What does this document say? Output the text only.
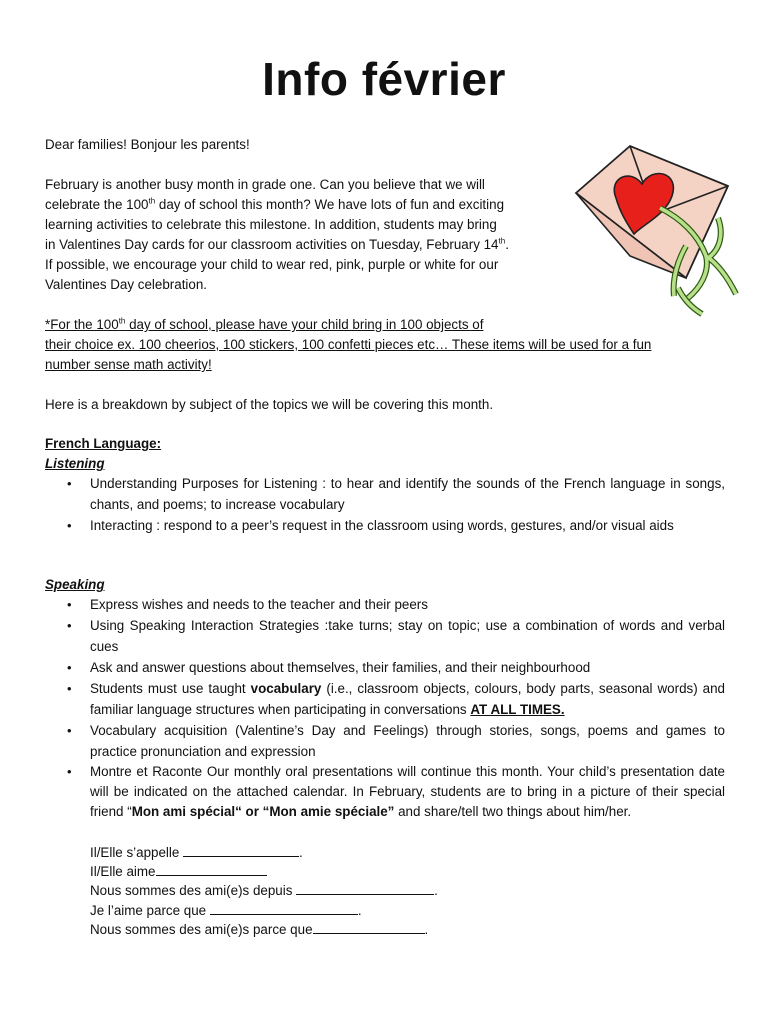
Info février

Dear families! Bonjour les parents!

February is another busy month in grade one. Can you believe that we will

celebrate the 100th day of school this month? We have lots of fun and exciting

learning activities to celebrate this milestone. In addition, students may bring

in Valentines Day cards for our classroom activities on Tuesday, February 14th.

If possible, we encourage your child to wear red, pink, purple or white for our

Valentines Day celebration.

*For the 100th day of school, please have your child bring in 100 objects of

their choice ex. 100 cheerios, 100 stickers, 100 confetti pieces etc… These items will be used for a fun

number sense math activity!

Here is a breakdown by subject of the topics we will be covering this month.

French Language:

Listening

• Understanding Purposes for Listening : to hear and identify the sounds of the French language in songs, chants, and poems; to increase vocabulary
• Interacting : respond to a peer’s request in the classroom using words, gestures, and/or visual aids

Speaking

• Express wishes and needs to the teacher and their peers
• Using Speaking Interaction Strategies :take turns; stay on topic; use a combination of words and verbal cues
• Ask and answer questions about themselves, their families, and their neighbourhood
• Students must use taught vocabulary (i.e., classroom objects, colours, body parts, seasonal words) and familiar language structures when participating in conversations AT ALL TIMES.
• Vocabulary acquisition (Valentine’s Day and Feelings) through stories, songs, poems and games to practice pronunciation and expression
• Montre et Raconte Our monthly oral presentations will continue this month. Your child’s presentation date will be indicated on the attached calendar. In February, students are to bring in a picture of their special friend “Mon ami spécial“ or “Mon amie spéciale” and share/tell two things about him/her.

Il/Elle s’appelle	.

Il/Elle aime

Nous sommes des ami(e)s depuis	.

Je l’aime parce que	.

Nous sommes des ami(e)s parce que	.
